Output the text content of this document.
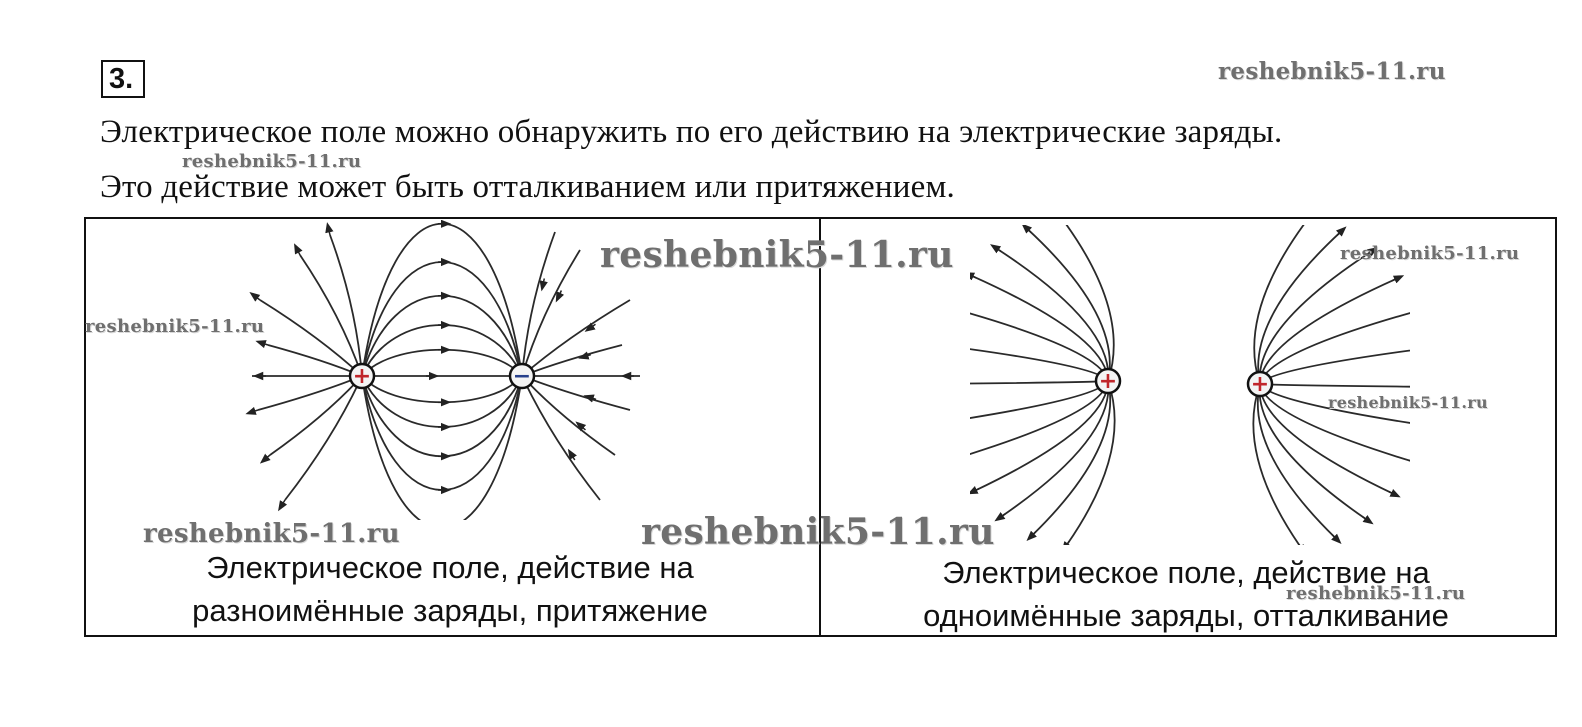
3.
Электрическое поле можно обнаружить по его действию на электрические заряды.
Это действие может быть отталкиванием или притяжением.
+	−	+	+
Электрическое поле, действие на
разноимённые заряды, притяжение
Электрическое поле, действие на
одноимённые заряды, отталкивание
reshebnik5-11.ru
reshebnik5-11.ru
reshebnik5-11.ru
reshebnik5-11.ru
reshebnik5-11.ru
reshebnik5-11.ru
reshebnik5-11.ru	reshebnik5-11.ru
reshebnik5-11.ru
